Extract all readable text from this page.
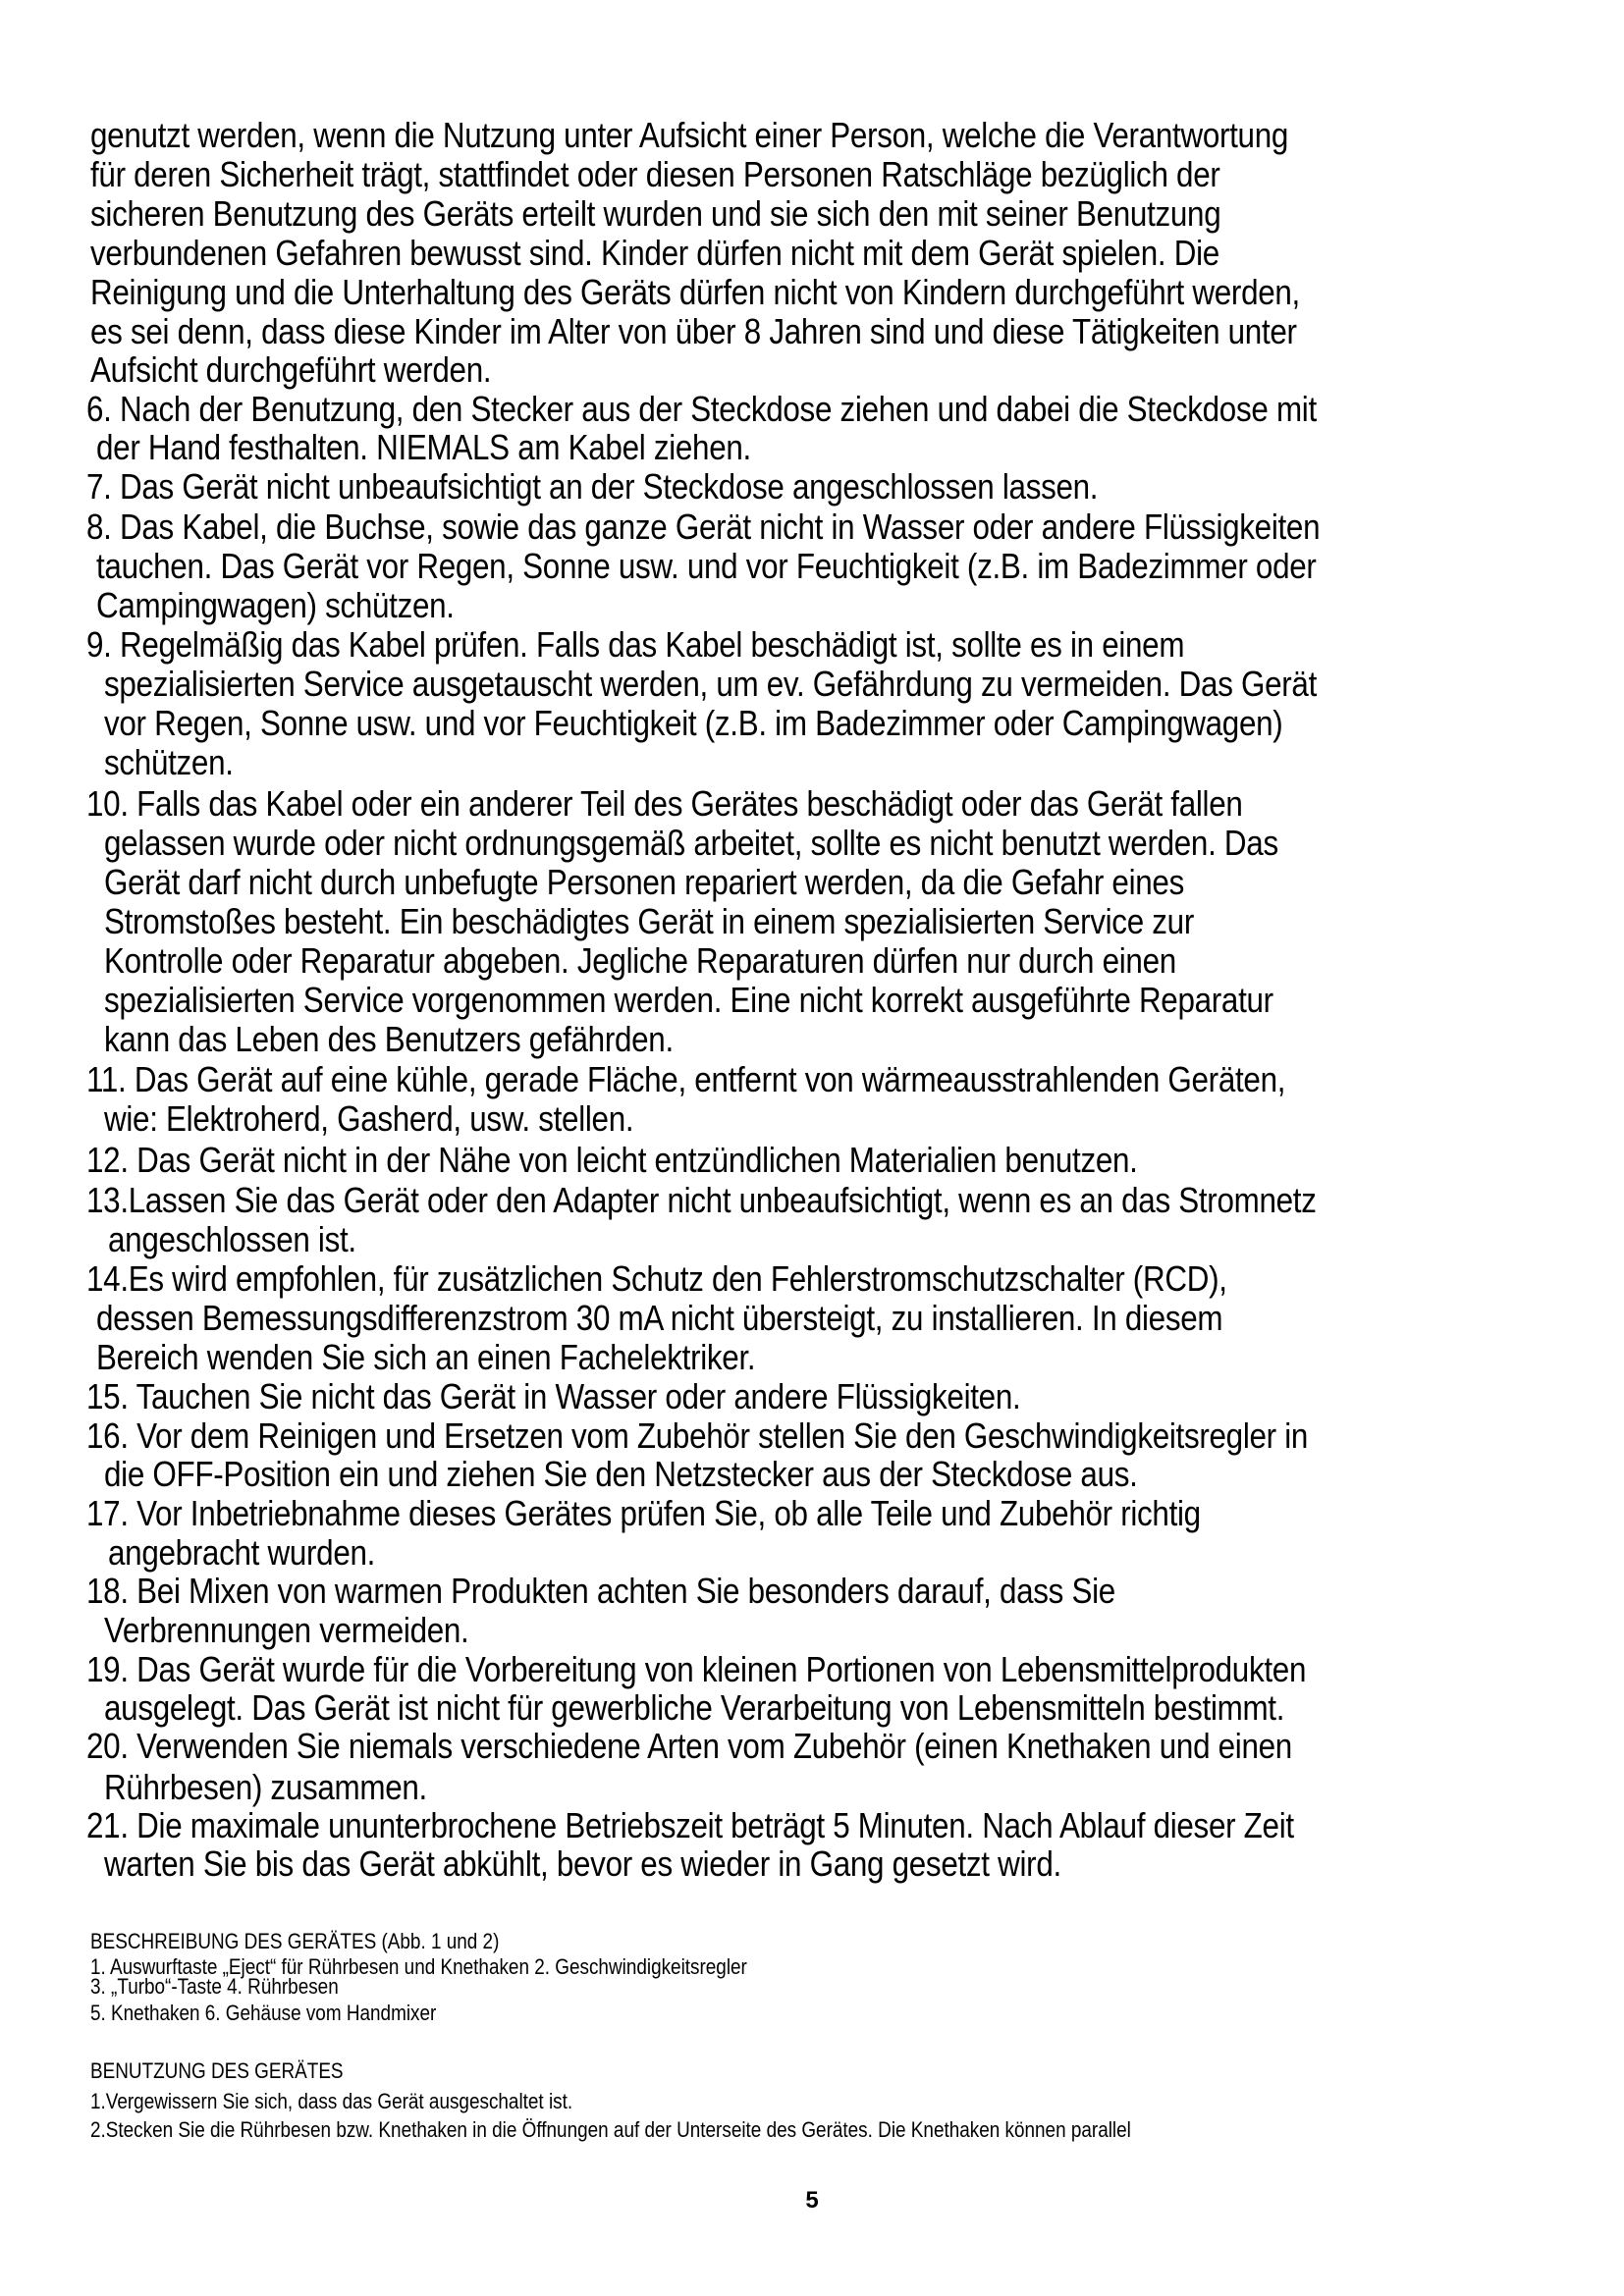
genutzt werden, wenn die Nutzung unter Aufsicht einer Person, welche die Verantwortung
für deren Sicherheit trägt, stattfindet oder diesen Personen Ratschläge bezüglich der
sicheren Benutzung des Geräts erteilt wurden und sie sich den mit seiner Benutzung
verbundenen Gefahren bewusst sind. Kinder dürfen nicht mit dem Gerät spielen. Die
Reinigung und die Unterhaltung des Geräts dürfen nicht von Kindern durchgeführt werden,
es sei denn, dass diese Kinder im Alter von über 8 Jahren sind und diese Tätigkeiten unter
Aufsicht durchgeführt werden.
6. Nach der Benutzung, den Stecker aus der Steckdose ziehen und dabei die Steckdose mit
der Hand festhalten. NIEMALS am Kabel ziehen.
7. Das Gerät nicht unbeaufsichtigt an der Steckdose angeschlossen lassen.
8. Das Kabel, die Buchse, sowie das ganze Gerät nicht in Wasser oder andere Flüssigkeiten
tauchen. Das Gerät vor Regen, Sonne usw. und vor Feuchtigkeit (z.B. im Badezimmer oder
Campingwagen) schützen.
9. Regelmäßig das Kabel prüfen. Falls das Kabel beschädigt ist, sollte es in einem
spezialisierten Service ausgetauscht werden, um ev. Gefährdung zu vermeiden. Das Gerät
vor Regen, Sonne usw. und vor Feuchtigkeit (z.B. im Badezimmer oder Campingwagen)
schützen.
10. Falls das Kabel oder ein anderer Teil des Gerätes beschädigt oder das Gerät fallen
gelassen wurde oder nicht ordnungsgemäß arbeitet, sollte es nicht benutzt werden. Das
Gerät darf nicht durch unbefugte Personen repariert werden, da die Gefahr eines
Stromstoßes besteht. Ein beschädigtes Gerät in einem spezialisierten Service zur
Kontrolle oder Reparatur abgeben. Jegliche Reparaturen dürfen nur durch einen
spezialisierten Service vorgenommen werden. Eine nicht korrekt ausgeführte Reparatur
kann das Leben des Benutzers gefährden.
11. Das Gerät auf eine kühle, gerade Fläche, entfernt von wärmeausstrahlenden Geräten,
wie: Elektroherd, Gasherd, usw. stellen.
12. Das Gerät nicht in der Nähe von leicht entzündlichen Materialien benutzen.
13.Lassen Sie das Gerät oder den Adapter nicht unbeaufsichtigt, wenn es an das Stromnetz
angeschlossen ist.
14.Es wird empfohlen, für zusätzlichen Schutz den Fehlerstromschutzschalter (RCD),
dessen Bemessungsdifferenzstrom 30 mA nicht übersteigt, zu installieren. In diesem
Bereich wenden Sie sich an einen Fachelektriker.
15. Tauchen Sie nicht das Gerät in Wasser oder andere Flüssigkeiten.
16. Vor dem Reinigen und Ersetzen vom Zubehör stellen Sie den Geschwindigkeitsregler in
die OFF-Position ein und ziehen Sie den Netzstecker aus der Steckdose aus.
17. Vor Inbetriebnahme dieses Gerätes prüfen Sie, ob alle Teile und Zubehör richtig
angebracht wurden.
18. Bei Mixen von warmen Produkten achten Sie besonders darauf, dass Sie
Verbrennungen vermeiden.
19. Das Gerät wurde für die Vorbereitung von kleinen Portionen von Lebensmittelprodukten
ausgelegt. Das Gerät ist nicht für gewerbliche Verarbeitung von Lebensmitteln bestimmt.
20. Verwenden Sie niemals verschiedene Arten vom Zubehör (einen Knethaken und einen
Rührbesen) zusammen.
21. Die maximale ununterbrochene Betriebszeit beträgt 5 Minuten. Nach Ablauf dieser Zeit
warten Sie bis das Gerät abkühlt, bevor es wieder in Gang gesetzt wird.
BESCHREIBUNG DES GERÄTES (Abb. 1 und 2)
1. Auswurftaste „Eject“ für Rührbesen und Knethaken 2. Geschwindigkeitsregler
3. „Turbo“-Taste 4. Rührbesen
5. Knethaken 6. Gehäuse vom Handmixer
BENUTZUNG DES GERÄTES
1.Vergewissern Sie sich, dass das Gerät ausgeschaltet ist.
2.Stecken Sie die Rührbesen bzw. Knethaken in die Öffnungen auf der Unterseite des Gerätes. Die Knethaken können parallel
5
